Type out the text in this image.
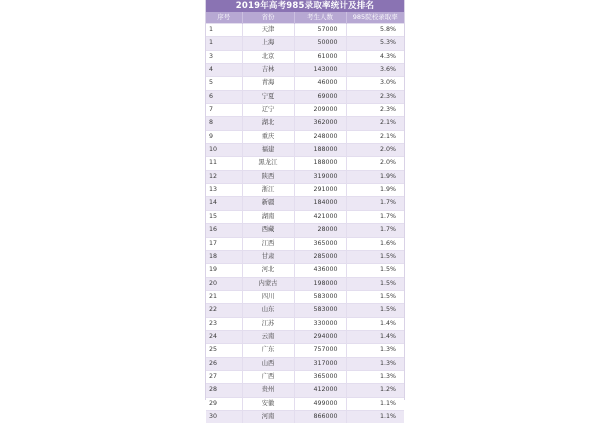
2019年高考985录取率统计及排名
序号	省份	考生人数	985院校录取率
1	天津	57000	5.8%
1	上海	50000	5.3%
3	北京	61000	4.3%
4	吉林	143000	3.6%
5	青海	46000	3.0%
6	宁夏	69000	2.3%
7	辽宁	209000	2.3%
8	湖北	362000	2.1%
9	重庆	248000	2.1%
10	福建	188000	2.0%
11	黑龙江	188000	2.0%
12	陕西	319000	1.9%
13	浙江	291000	1.9%
14	新疆	184000	1.7%
15	湖南	421000	1.7%
16	西藏	28000	1.7%
17	江西	365000	1.6%
18	甘肃	285000	1.5%
19	河北	436000	1.5%
20	内蒙古	198000	1.5%
21	四川	583000	1.5%
22	山东	583000	1.5%
23	江苏	330000	1.4%
24	云南	294000	1.4%
25	广东	757000	1.3%
26	山西	317000	1.3%
27	广西	365000	1.3%
28	贵州	412000	1.2%
29	安徽	499000	1.1%
30	河南	866000	1.1%
